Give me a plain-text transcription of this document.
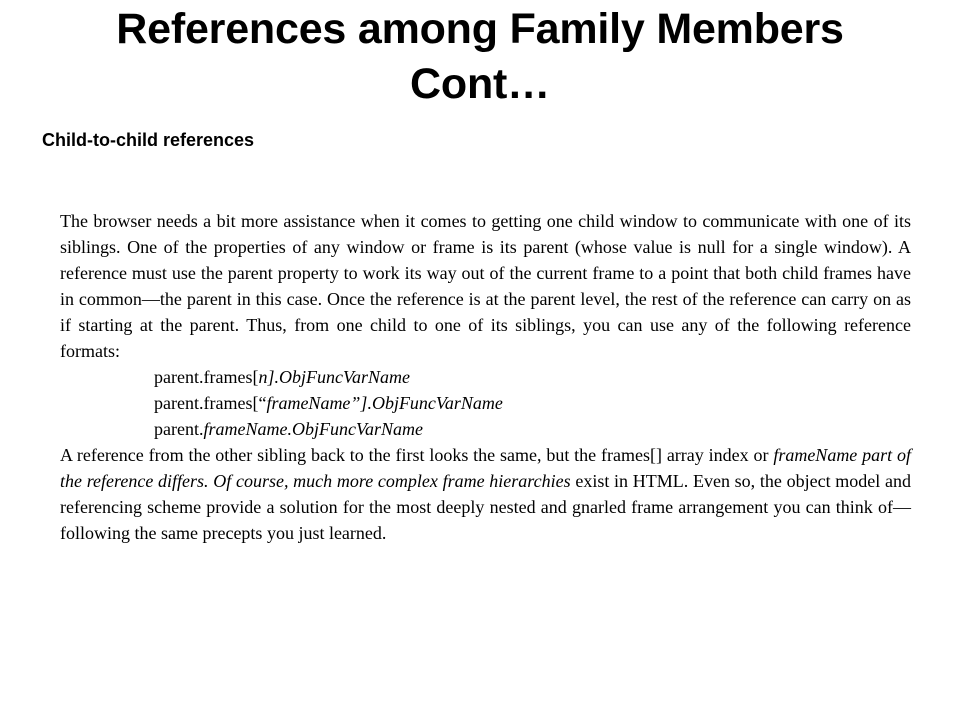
References among Family Members
Cont…
Child-to-child references

The browser needs a bit more assistance when it comes to getting one child window to communicate with one of its siblings. One of the properties of any window or frame is its parent (whose value is null for a single window). A reference must use the parent property to work its way out of the current frame to a point that both child frames have in common—the parent in this case. Once the reference is at the parent level, the rest of the reference can carry on as if starting at the parent. Thus, from one child to one of its siblings, you can use any of the following reference formats:

parent.frames[n].ObjFuncVarName

parent.frames[“frameName”].ObjFuncVarName

parent.frameName.ObjFuncVarName

A reference from the other sibling back to the first looks the same, but the frames[] array index or frameName part of the reference differs. Of course, much more complex frame hierarchies exist in HTML. Even so, the object model and referencing scheme provide a solution for the most deeply nested and gnarled frame arrangement you can think of—following the same precepts you just learned.
